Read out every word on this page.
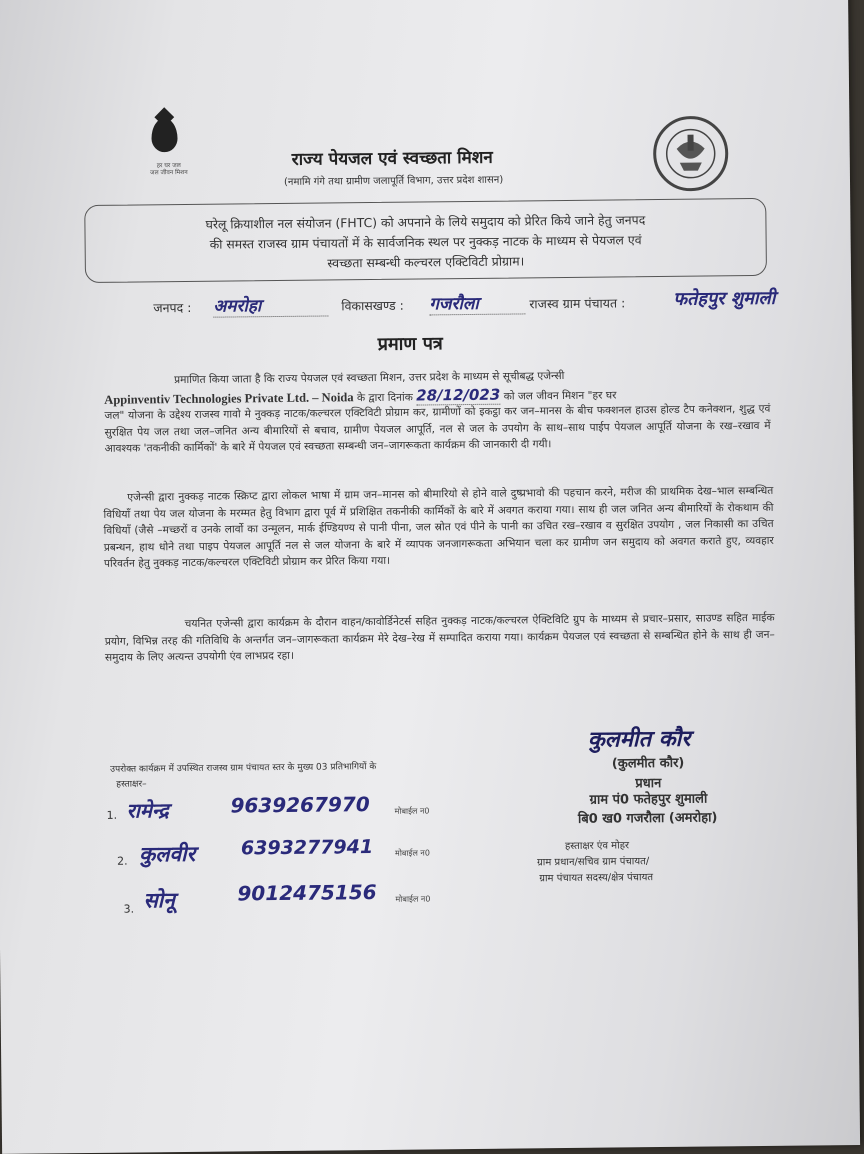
हर घर जल
जल जीवन मिशन
राज्य पेयजल एवं स्वच्छता मिशन
(नमामि गंगे तथा ग्रामीण जलापूर्ति विभाग, उत्तर प्रदेश शासन)
घरेलू क्रियाशील नल संयोजन (FHTC) को अपनाने के लिये समुदाय को प्रेरित किये जाने हेतु जनपद
की समस्त राजस्व ग्राम पंचायतों में के सार्वजनिक स्थल पर नुक्कड़ नाटक के माध्यम से पेयजल एवं
स्वच्छता सम्बन्धी कल्चरल एक्टिविटी प्रोग्राम।
जनपद : अमरोहा	विकासखण्ड : गजरौला	राजस्व ग्राम पंचायत :	फतेहपुर शुमाली
प्रमाण पत्र
प्रमाणित किया जाता है कि राज्य पेयजल एवं स्वच्छता मिशन, उत्तर प्रदेश के माध्यम से सूचीबद्ध एजेन्सी
Appinventiv Technologies Private Ltd. – Noida के द्वारा दिनांक 28/12/023 को जल जीवन मिशन "हर घर
जल" योजना के उद्देश्य राजस्व गावो मे नुक्कड़ नाटक/कल्चरल एक्टिविटी प्रोग्राम कर, ग्रामीणों को इकट्ठा कर जन–मानस के बीच फक्शनल हाउस होल्ड टैप कनेक्शन, शुद्ध एवं सुरक्षित पेय जल तथा जल–जनित अन्य बीमारियों से बचाव, ग्रामीण पेयजल आपूर्ति, नल से जल के उपयोग के साथ–साथ पाईप पेयजल आपूर्ति योजना के रख–रखाव में आवश्यक 'तकनीकी कार्मिकों' के बारे में पेयजल एवं स्वच्छता सम्बन्धी जन–जागरूकता कार्यक्रम की जानकारी दी गयी।
एजेन्सी द्वारा नुक्कड़ नाटक स्क्रिप्ट द्वारा लोकल भाषा में ग्राम जन–मानस को बीमारियो से होने वाले दुष्प्रभावो की पहचान करने, मरीज की प्राथमिक देख–भाल सम्बन्धित विधियाँ तथा पेय जल योजना के मरम्मत हेतु विभाग द्वारा पूर्व में प्रशिक्षित तकनीकी कार्मिकों के बारे में अवगत कराया गया। साथ ही जल जनित अन्य बीमारियों के रोकथाम की विधियाँ (जैसे –मच्छरों व उनके लार्वो का उन्मूलन, मार्क ईण्डियण्य से पानी पीना, जल स्रोत एवं पीने के पानी का उचित रख–रखाव व सुरक्षित उपयोग , जल निकासी का उचित प्रबन्धन, हाथ धोने तथा पाइप पेयजल आपूर्ति नल से जल योजना के बारे में व्यापक जनजागरूकता अभियान चला कर ग्रामीण जन समुदाय को अवगत कराते हुए, व्यवहार परिवर्तन हेतु नुक्कड़ नाटक/कल्चरल एक्टिविटी प्रोग्राम कर प्रेरित किया गया।
चयनित एजेन्सी द्वारा कार्यक्रम के दौरान वाहन/कावोर्डिनेटर्स सहित नुक्कड़ नाटक/कल्चरल ऐक्टिविटि ग्रुप के माध्यम से प्रचार–प्रसार, साउण्ड सहित माईक प्रयोग, विभिन्न तरह की गतिविधि के अन्तर्गत जन–जागरूकता कार्यक्रम मेरे देख–रेख में सम्पादित कराया गया। कार्यक्रम पेयजल एवं स्वच्छता से सम्बन्धित होने के साथ ही जन–समुदाय के लिए अत्यन्त उपयोगी एंव लाभप्रद रहा।
कुलमीत कौर
(कुलमीत कौर)
प्रधान
ग्राम पं0 फतेहपुर शुमाली
बि0 ख0 गजरौला (अमरोहा)
हस्ताक्षर एंव मोहर
ग्राम प्रधान/सचिव ग्राम पंचायत/
ग्राम पंचायत सदस्य/क्षेत्र पंचायत
उपरोक्त कार्यक्रम में उपस्थित राजस्व ग्राम पंचायत स्तर के मुख्य 03 प्रतिभागियों के
हस्ताक्षर–
1. रामेन्द्र	9639267970	मोबाईल न0
2. कुलवीर 6393277941	मोबाईल न0
3. सोनू	9012475156 मोबाईल न0
